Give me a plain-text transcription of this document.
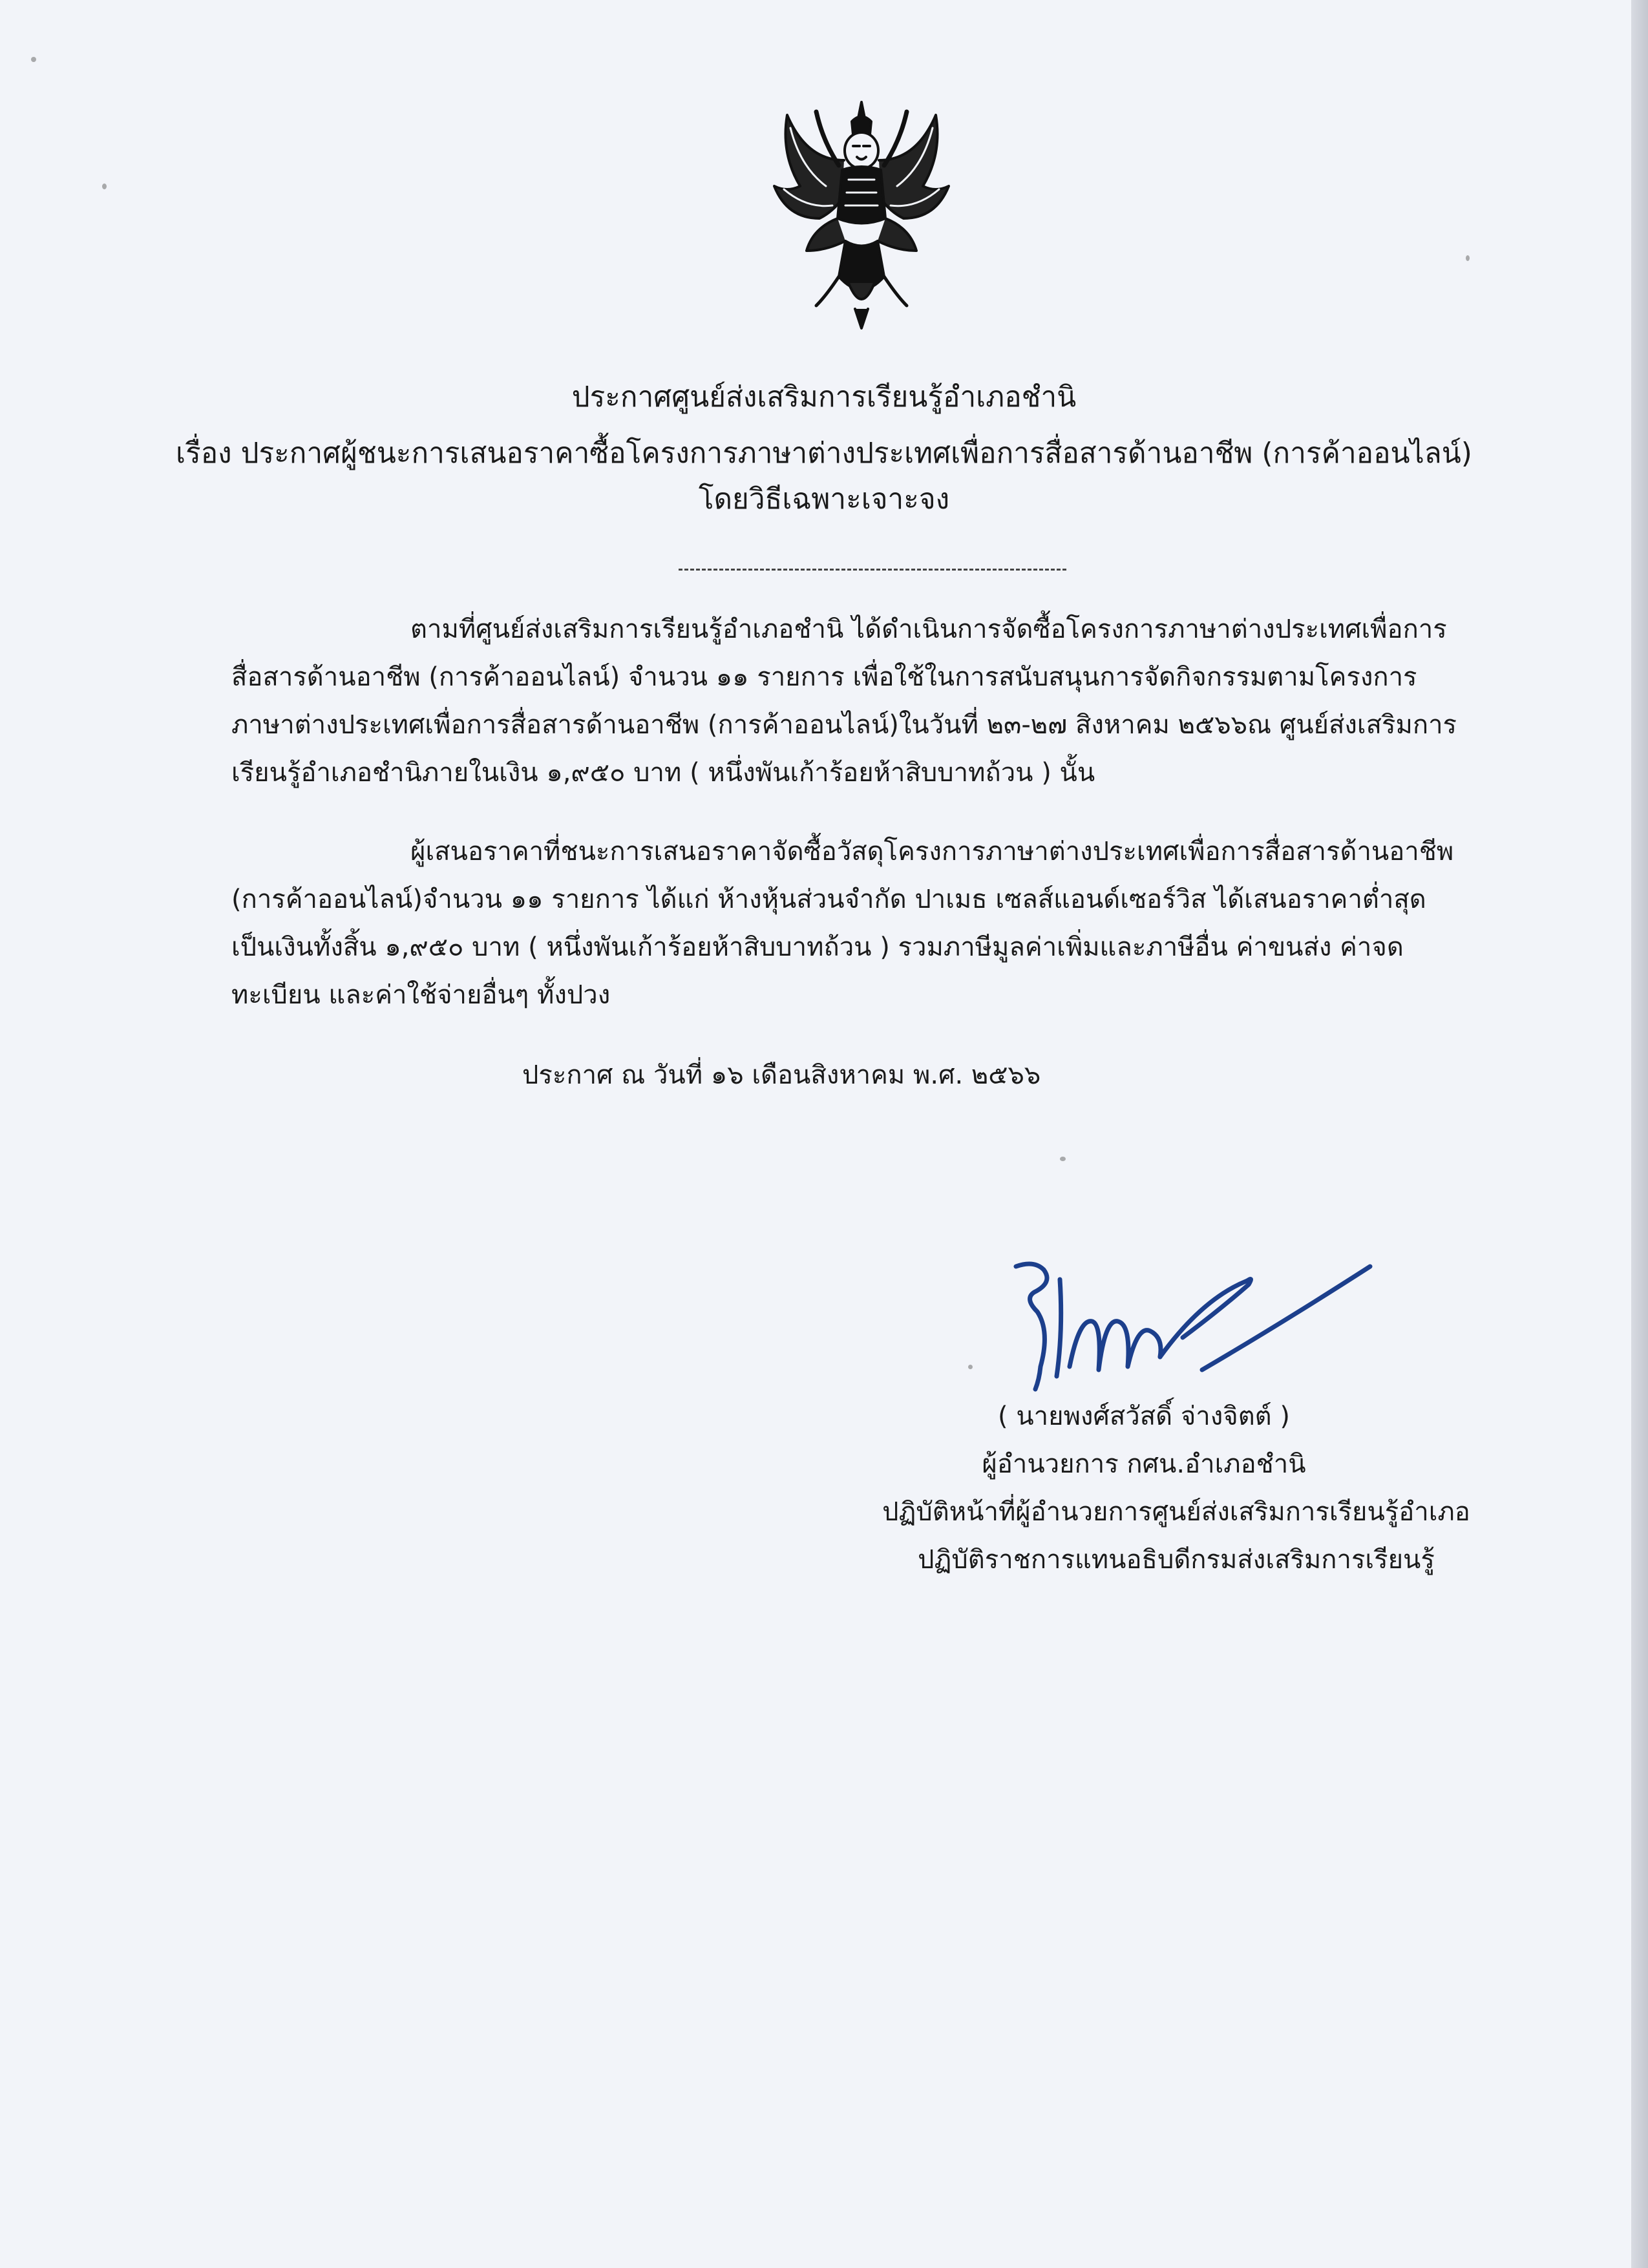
ประกาศศูนย์ส่งเสริมการเรียนรู้อำเภอชำนิ
เรื่อง ประกาศผู้ชนะการเสนอราคาซื้อโครงการภาษาต่างประเทศเพื่อการสื่อสารด้านอาชีพ (การค้าออนไลน์)
โดยวิธีเฉพาะเจาะจง
ตามที่ศูนย์ส่งเสริมการเรียนรู้อำเภอชำนิ ได้ดำเนินการจัดซื้อโครงการภาษาต่างประเทศเพื่อการ
สื่อสารด้านอาชีพ (การค้าออนไลน์) จำนวน ๑๑ รายการ เพื่อใช้ในการสนับสนุนการจัดกิจกรรมตามโครงการ
ภาษาต่างประเทศเพื่อการสื่อสารด้านอาชีพ (การค้าออนไลน์)ในวันที่ ๒๓-๒๗ สิงหาคม ๒๕๖๖ณ ศูนย์ส่งเสริมการ
เรียนรู้อำเภอชำนิภายในเงิน ๑,๙๕๐ บาท ( หนึ่งพันเก้าร้อยห้าสิบบาทถ้วน ) นั้น
ผู้เสนอราคาที่ชนะการเสนอราคาจัดซื้อวัสดุโครงการภาษาต่างประเทศเพื่อการสื่อสารด้านอาชีพ
(การค้าออนไลน์)จำนวน ๑๑ รายการ ได้แก่ ห้างหุ้นส่วนจำกัด ปาเมธ เซลส์แอนด์เซอร์วิส ได้เสนอราคาต่ำสุด
เป็นเงินทั้งสิ้น ๑,๙๕๐ บาท ( หนึ่งพันเก้าร้อยห้าสิบบาทถ้วน ) รวมภาษีมูลค่าเพิ่มและภาษีอื่น ค่าขนส่ง ค่าจด
ทะเบียน และค่าใช้จ่ายอื่นๆ ทั้งปวง
ประกาศ ณ วันที่ ๑๖ เดือนสิงหาคม พ.ศ. ๒๕๖๖
( นายพงศ์สวัสดิ์ จ่างจิตต์ )
ผู้อำนวยการ กศน.อำเภอชำนิ
ปฏิบัติหน้าที่ผู้อำนวยการศูนย์ส่งเสริมการเรียนรู้อำเภอ
ปฏิบัติราชการแทนอธิบดีกรมส่งเสริมการเรียนรู้
